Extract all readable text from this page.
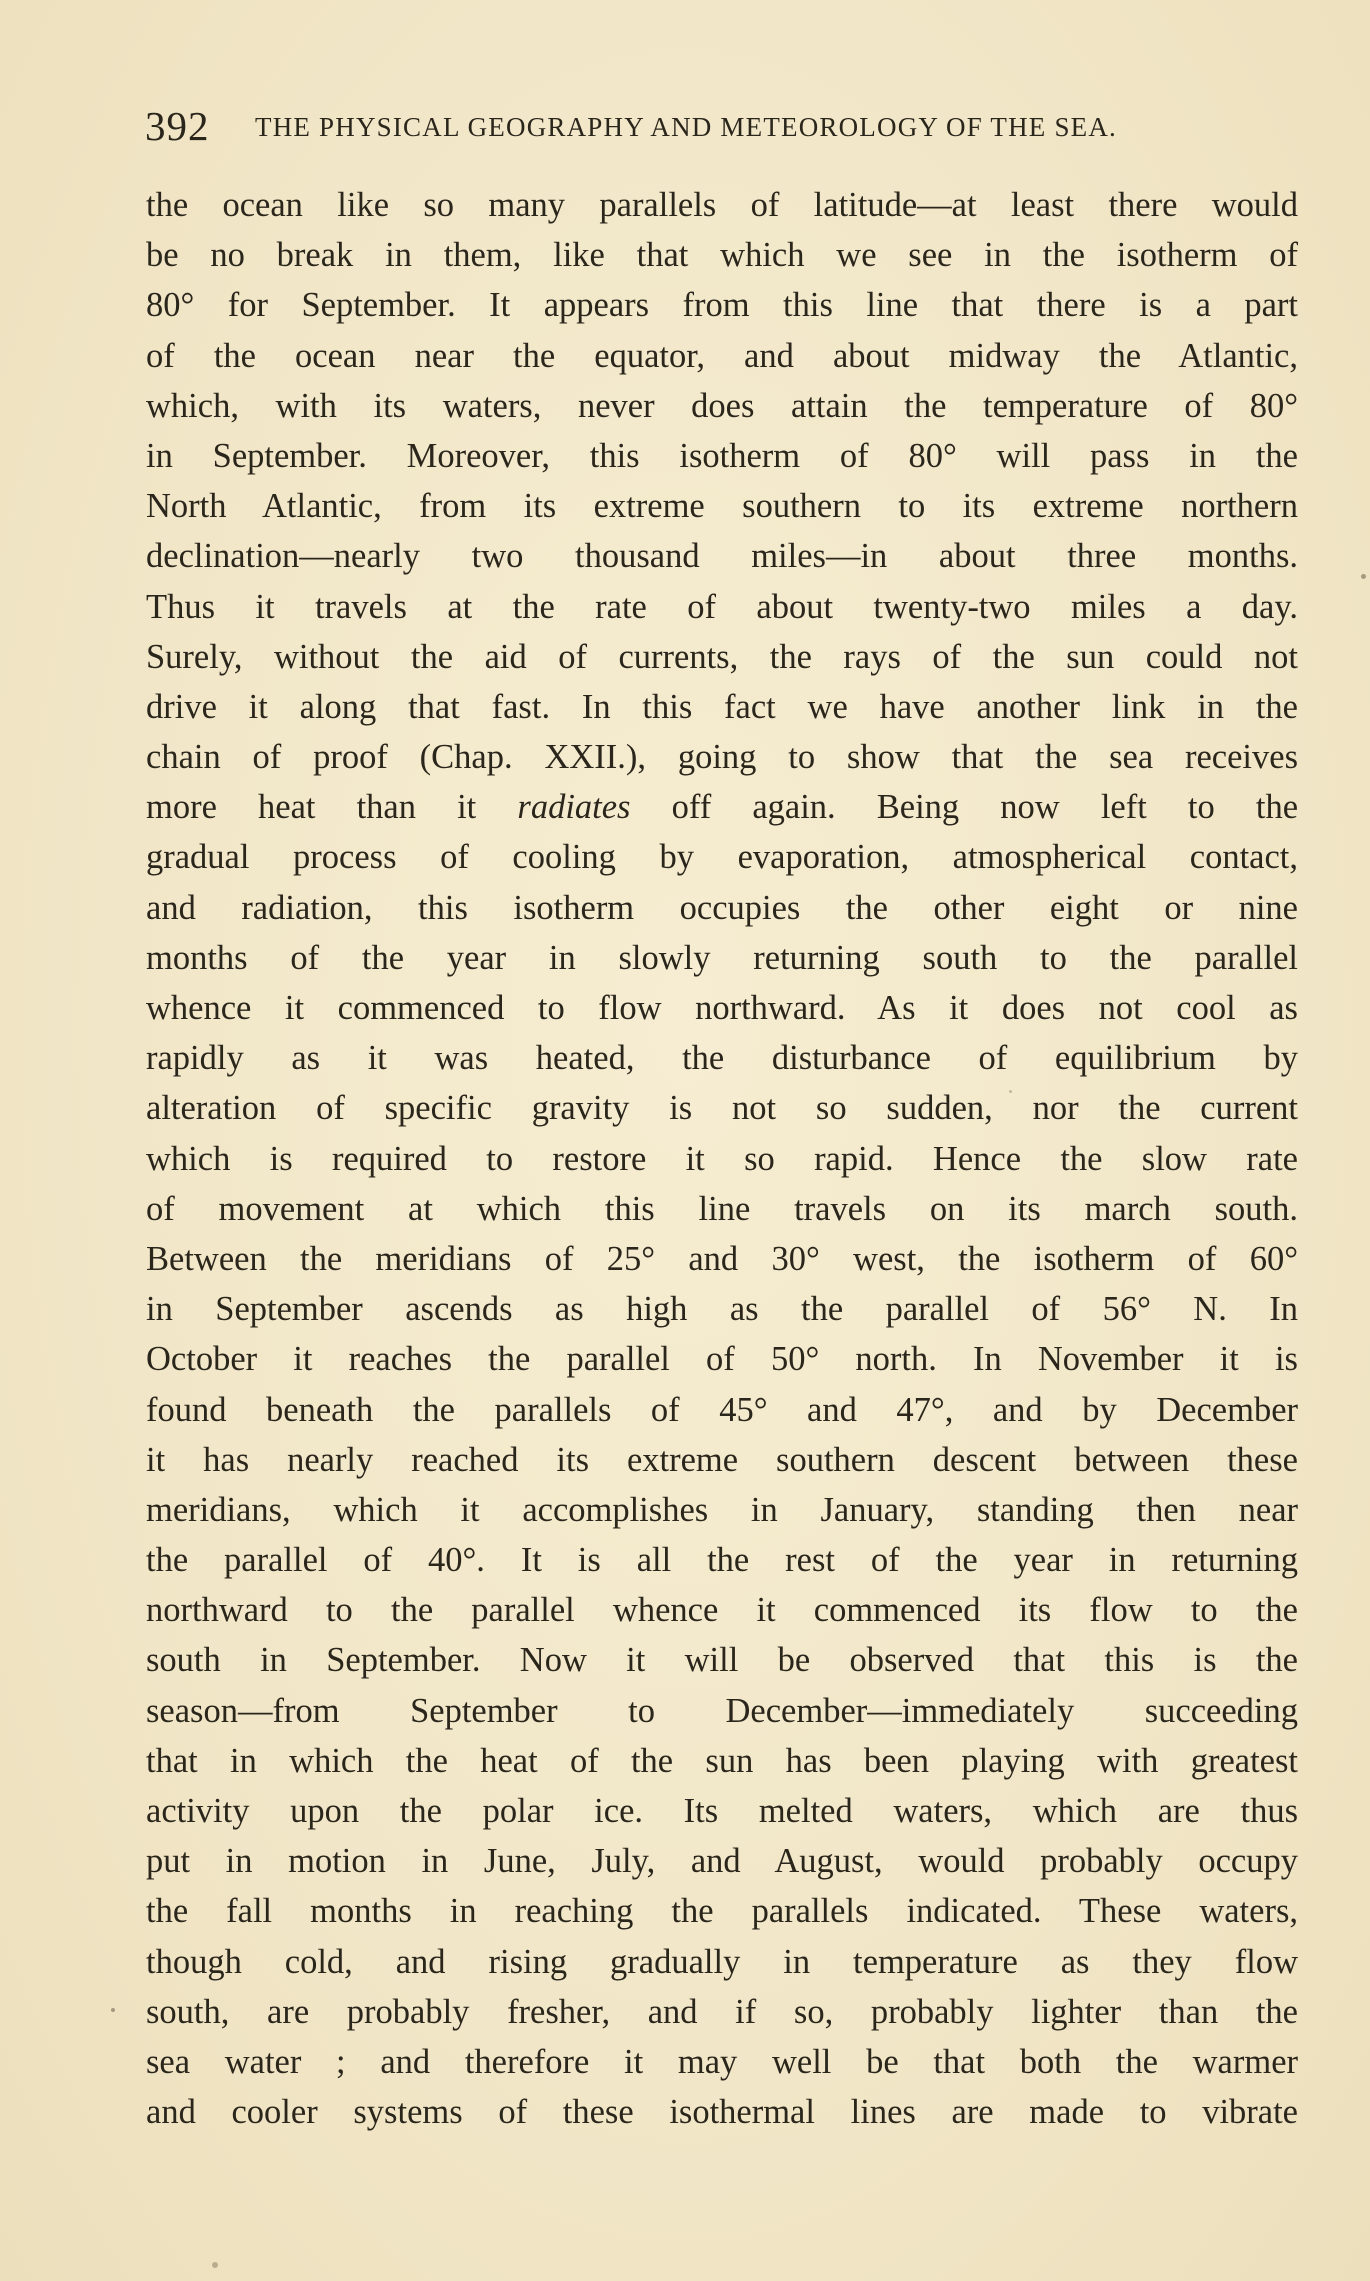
392 THE PHYSICAL GEOGRAPHY AND METEOROLOGY OF THE SEA.
the ocean like so many parallels of latitude—at least there would
be no break in them, like that which we see in the isotherm of
80° for September. It appears from this line that there is a part
of the ocean near the equator, and about midway the Atlantic,
which, with its waters, never does attain the temperature of 80°
in September. Moreover, this isotherm of 80° will pass in the
North Atlantic, from its extreme southern to its extreme northern
declination—nearly two thousand miles—in about three months.
Thus it travels at the rate of about twenty-two miles a day.
Surely, without the aid of currents, the rays of the sun could not
drive it along that fast. In this fact we have another link in the
chain of proof (Chap. XXII.), going to show that the sea receives
more heat than it radiates off again. Being now left to the
gradual process of cooling by evaporation, atmospherical contact,
and radiation, this isotherm occupies the other eight or nine
months of the year in slowly returning south to the parallel
whence it commenced to flow northward. As it does not cool as
rapidly as it was heated, the disturbance of equilibrium by
alteration of specific gravity is not so sudden, nor the current
which is required to restore it so rapid. Hence the slow rate
of movement at which this line travels on its march south.
Between the meridians of 25° and 30° west, the isotherm of 60°
in September ascends as high as the parallel of 56° N. In
October it reaches the parallel of 50° north. In November it is
found beneath the parallels of 45° and 47°, and by December
it has nearly reached its extreme southern descent between these
meridians, which it accomplishes in January, standing then near
the parallel of 40°. It is all the rest of the year in returning
northward to the parallel whence it commenced its flow to the
south in September. Now it will be observed that this is the
season—from September to December—immediately succeeding
that in which the heat of the sun has been playing with greatest
activity upon the polar ice. Its melted waters, which are thus
put in motion in June, July, and August, would probably occupy
the fall months in reaching the parallels indicated. These waters,
though cold, and rising gradually in temperature as they flow
south, are probably fresher, and if so, probably lighter than the
sea water ; and therefore it may well be that both the warmer
and cooler systems of these isothermal lines are made to vibrate
